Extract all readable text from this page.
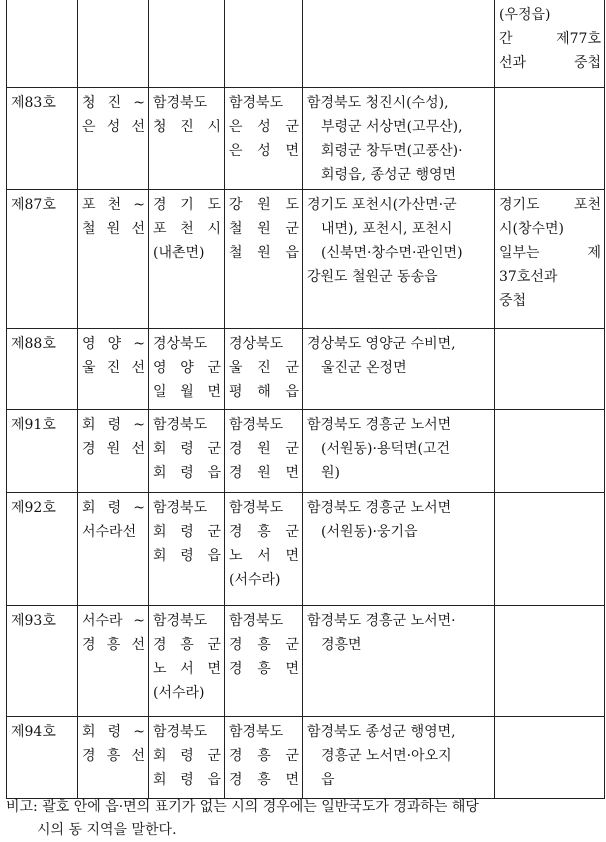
					(우정읍)
간 제77호
선과 중첩

제83호	청 진 ~
은 성 선	함경북도
청 진 시	함경북도
은 성 군
은 성 면	함경북도 청진시(수성),
부령군 서상면(고무산),
회령군 창두면(고풍산)·
회령읍, 종성군 행영면	

제87호	포 천 ~
철 원 선	경 기 도
포 천 시
(내촌면)	강 원 도
철 원 군
철 원 읍	경기도 포천시(가산면·군
내면), 포천시, 포천시
(신북면·창수면·관인면)
강원도 철원군 동송읍	경기도 포천
시(창수면)
일부는 제
37호선과
중첩

제88호	영 양 ~
울 진 선	경상북도
영 양 군
일 월 면	경상북도
울 진 군
평 해 읍	경상북도 영양군 수비면,
울진군 온정면	

제91호	회 령 ~
경 원 선	함경북도
회 령 군
회 령 읍	함경북도
경 원 군
경 원 면	함경북도 경흥군 노서면
(서원동)·용덕면(고건
원)	

제92호	회 령 ~
서수라선	함경북도
회 령 군
회 령 읍	함경북도
경 흥 군
노 서 면
(서수라)	함경북도 경흥군 노서면
(서원동)·웅기읍	

제93호	서수라 ~
경 흥 선	함경북도
경 흥 군
노 서 면
(서수라)	함경북도
경 흥 군
경 흥 면	함경북도 경흥군 노서면·
경흥면	

제94호	회 령 ~
경 흥 선	함경북도
회 령 군
회 령 읍	함경북도
경 흥 군
경 흥 면	함경북도 종성군 행영면,
경흥군 노서면·아오지
읍	

비고: 괄호 안에 읍·면의 표기가 없는 시의 경우에는 일반국도가 경과하는 해당
시의 동 지역을 말한다.
